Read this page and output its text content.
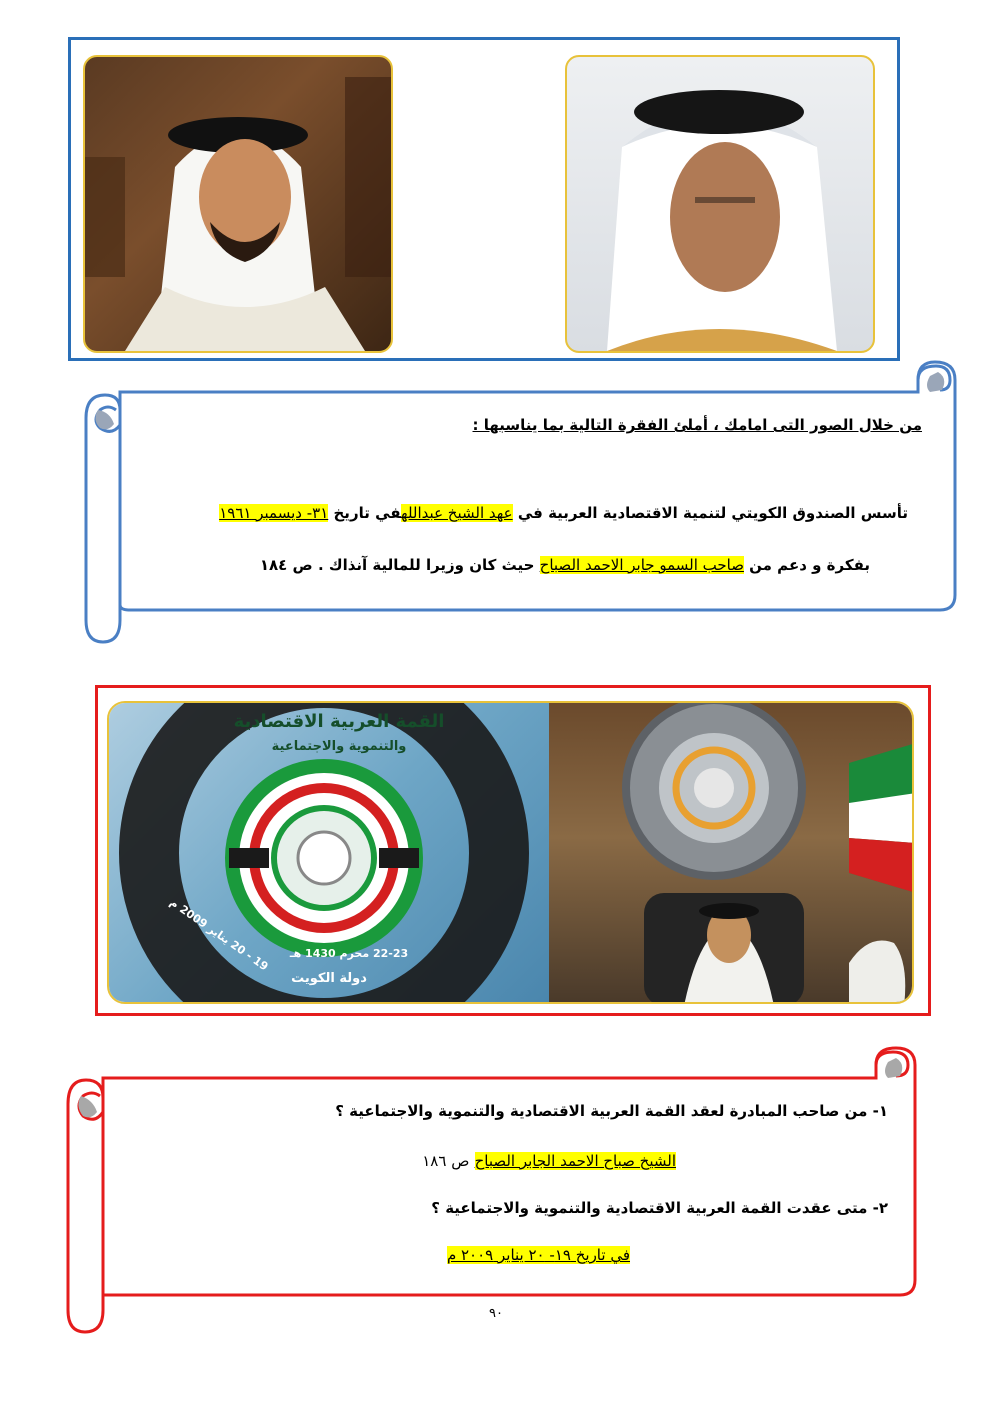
من خلال الصور التى امامك ، أملئ الفقرة التالية بما يناسبها :
تأسس الصندوق الكويتي لتنمية الاقتصادية العربية في عهد الشيخ عبداللهفي تاريخ ٣١- ديسمبر ١٩٦١
بفكرة و دعم من صاحب السمو جابر الاحمد الصباح حيث كان وزيرا للمالية آنذاك . ص ١٨٤
القمة العربية الاقتصادية
والتنموية والاجتماعية
22-23 محرم 1430 هـ
19 - 20 يناير 2009 م
دولة الكويت
١- من صاحب المبادرة لعقد القمة العربية الاقتصادية والتنموية والاجتماعية ؟
الشيخ صباح الاحمد الجابر الصباح ص ١٨٦
٢- متى عقدت القمة العربية الاقتصادية والتنموية والاجتماعية ؟
في تاريخ ١٩- ٢٠ يناير ٢٠٠٩ م
٩٠
